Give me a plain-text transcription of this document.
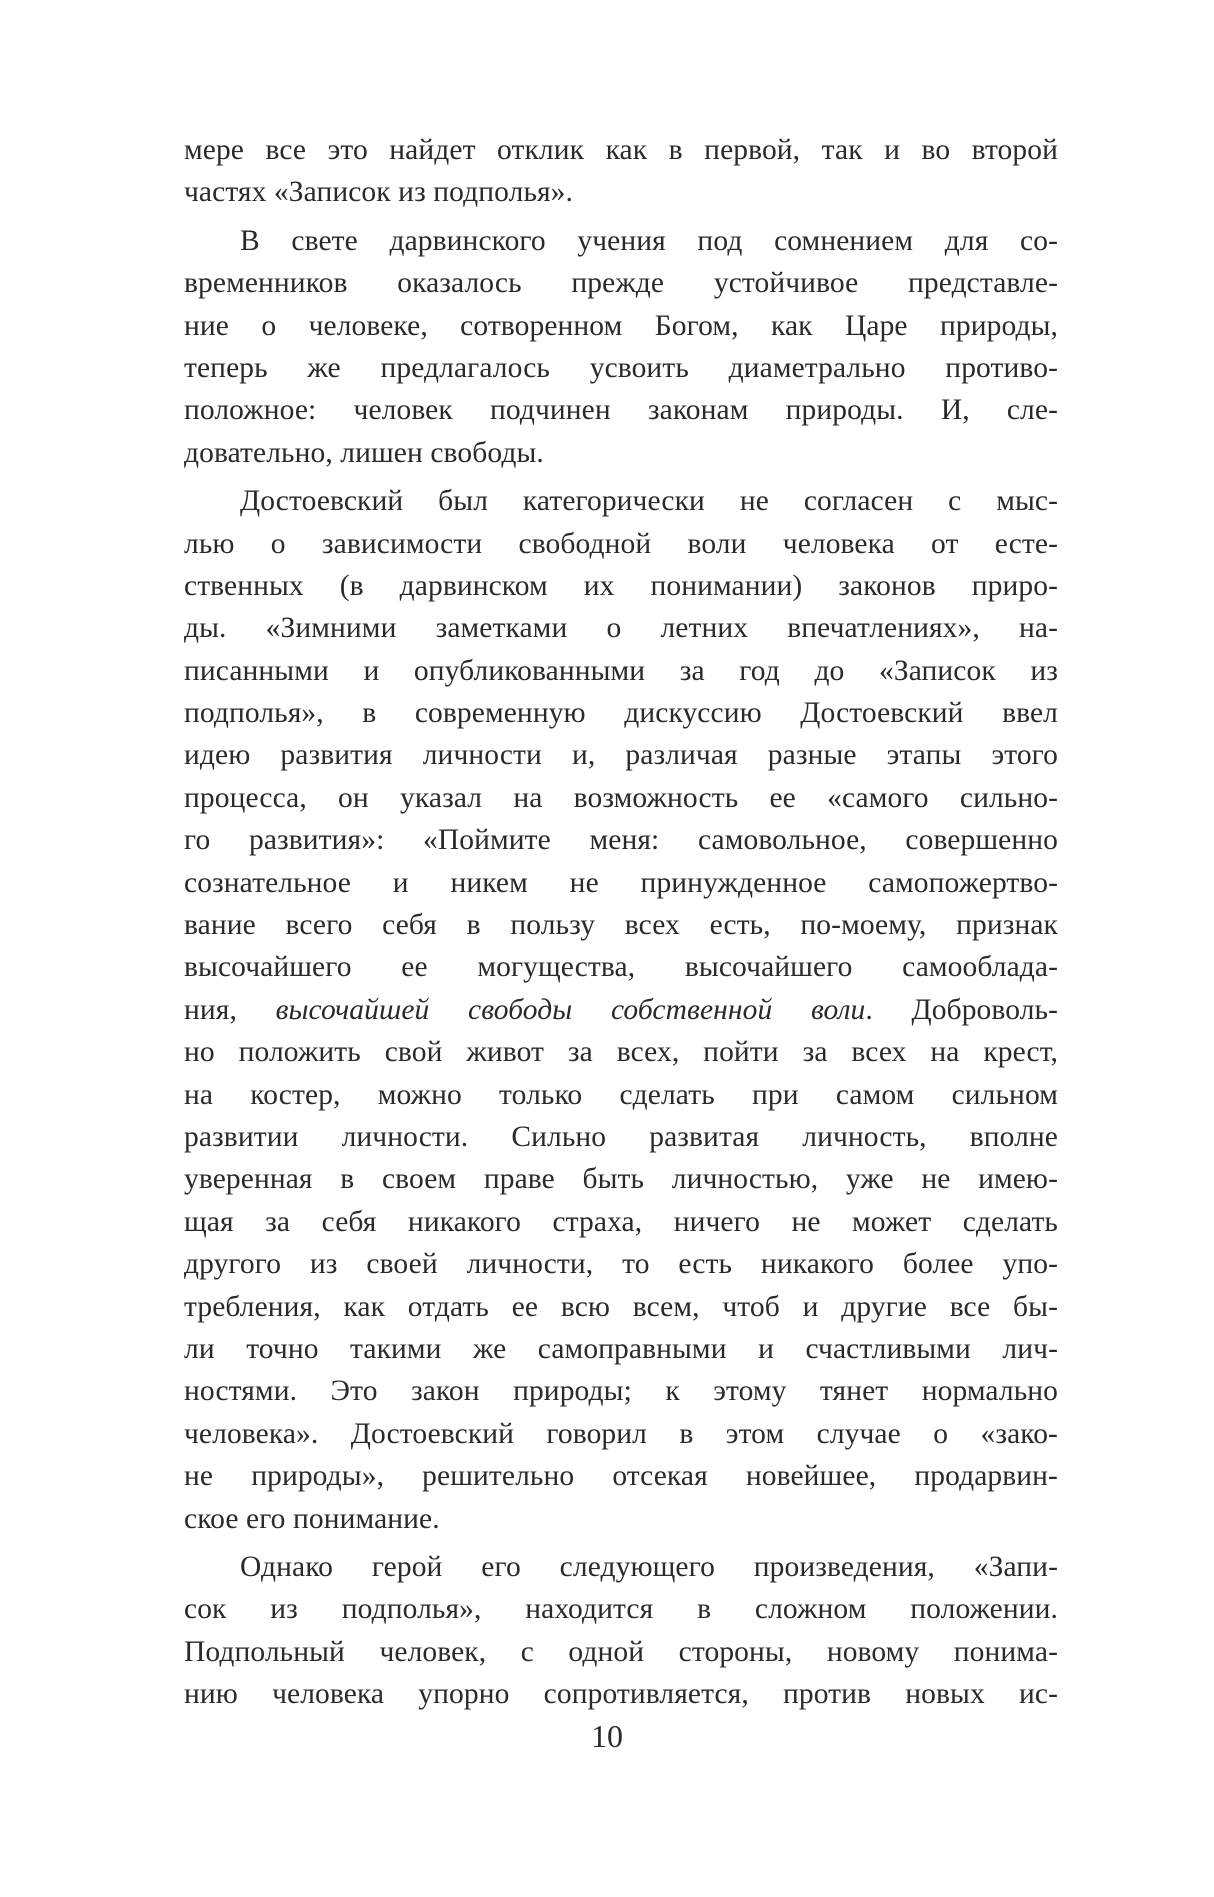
мере все это найдет отклик как в первой, так и во второй
частях «Записок из подполья».
В свете дарвинского учения под сомнением для со-
временников оказалось прежде устойчивое представле-
ние о человеке, сотворенном Богом, как Царе природы,
теперь же предлагалось усвоить диаметрально противо-
положное: человек подчинен законам природы. И, сле-
довательно, лишен свободы.
Достоевский был категорически не согласен с мыс-
лью о зависимости свободной воли человека от есте-
ственных (в дарвинском их понимании) законов приро-
ды. «Зимними заметками о летних впечатлениях», на-
писанными и опубликованными за год до «Записок из
подполья», в современную дискуссию Достоевский ввел
идею развития личности и, различая разные этапы этого
процесса, он указал на возможность ее «самого сильно-
го развития»: «Поймите меня: самовольное, совершенно
сознательное и никем не принужденное самопожертво-
вание всего себя в пользу всех есть, по-моему, признак
высочайшего ее могущества, высочайшего самооблада-
ния, высочайшей свободы собственной воли. Доброволь-
но положить свой живот за всех, пойти за всех на крест,
на костер, можно только сделать при самом сильном
развитии личности. Сильно развитая личность, вполне
уверенная в своем праве быть личностью, уже не имею-
щая за себя никакого страха, ничего не может сделать
другого из своей личности, то есть никакого более упо-
требления, как отдать ее всю всем, чтоб и другие все бы-
ли точно такими же самоправными и счастливыми лич-
ностями. Это закон природы; к этому тянет нормально
человека». Достоевский говорил в этом случае о «зако-
не природы», решительно отсекая новейшее, продарвин-
ское его понимание.
Однако герой его следующего произведения, «Запи-
сок из подполья», находится в сложном положении.
Подпольный человек, с одной стороны, новому понима-
нию человека упорно сопротивляется, против новых ис-
10
